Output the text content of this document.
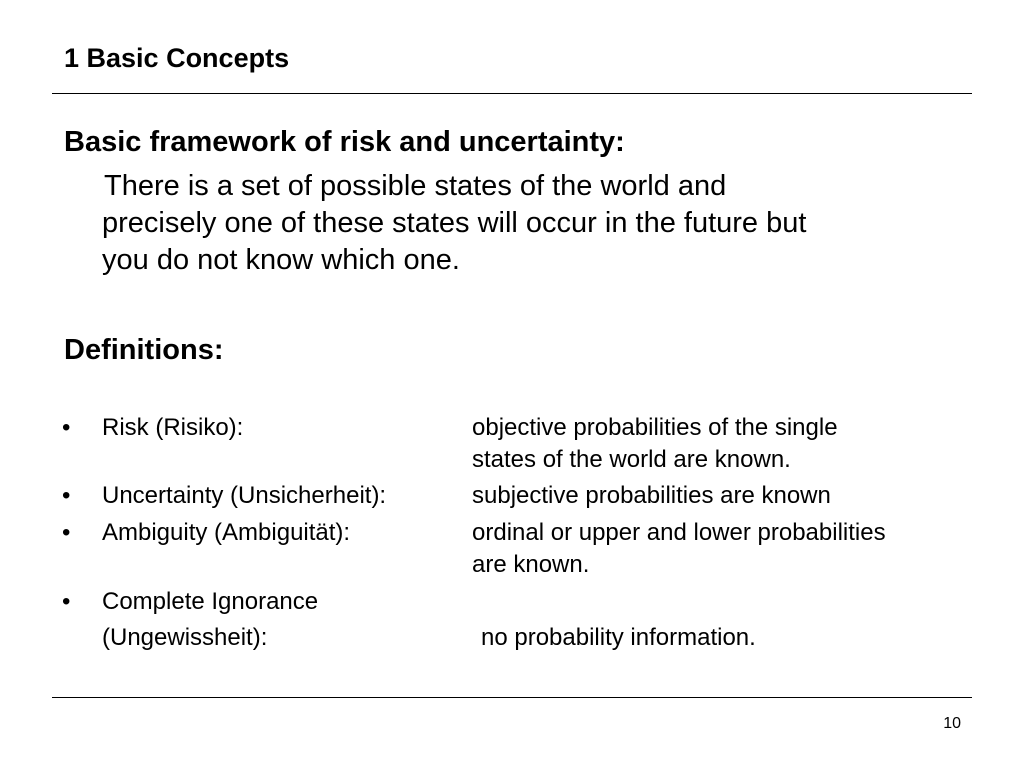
1 Basic Concepts
Basic framework of risk and uncertainty:

There is a set of possible states of the world and
precisely one of these states will occur in the future but
you do not know which one.

Definitions:
• Risk (Risiko):	objective probabilities of the single
states of the world are known.
• Uncertainty (Unsicherheit):	subjective probabilities are known
• Ambiguity (Ambiguität):	ordinal or upper and lower probabilities
are known.
• Complete Ignorance
(Ungewissheit):	no probability information.
10
